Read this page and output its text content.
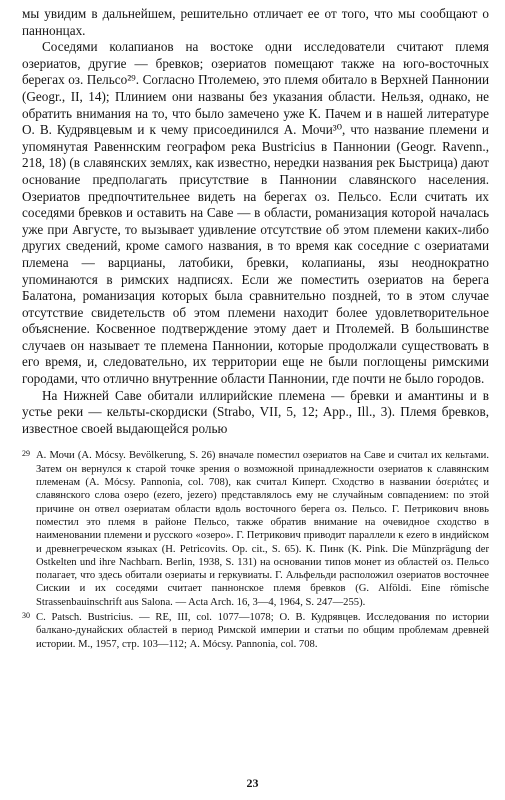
мы увидим в дальнейшем, решительно отличает ее от того, что мы сообщают о паннонцах.

Соседями колапианов на востоке одни исследователи считают племя озериатов, другие — бревков; озериатов помещают также на юго-восточных берегах оз. Пельсо²⁹. Согласно Птолемею, это племя обитало в Верхней Паннонии (Geogr., II, 14); Плинием они названы без указания области. Нельзя, однако, не обратить внимания на то, что было замечено уже К. Пачем и в нашей литературе О. В. Кудрявцевым и к чему присоединился А. Мочи³⁰, что название племени и упомянутая Равеннским географом река Bustricius в Паннонии (Geogr. Ravenn., 218, 18) (в славянских землях, как известно, нередки названия рек Быстрица) дают основание предполагать присутствие в Паннонии славянского населения. Озериатов предпочтительнее видеть на берегах оз. Пельсо. Если считать их соседями бревков и оставить на Саве — в области, романизация которой началась уже при Августе, то вызывает удивление отсутствие об этом племени каких-либо других сведений, кроме самого названия, в то время как соседние с озериатами племена — варцианы, латобики, бревки, колапианы, язы неоднократно упоминаются в римских надписях. Если же поместить озериатов на берега Балатона, романизация которых была сравнительно поздней, то в этом случае отсутствие свидетельств об этом племени находит более удовлетворительное объяснение. Косвенное подтверждение этому дает и Птолемей. В большинстве случаев он называет те племена Паннонии, которые продолжали существовать в его время, и, следовательно, их территории еще не были поглощены римскими городами, что отлично внутренние области Паннонии, где почти не было городов.

На Нижней Саве обитали иллирийские племена — бревки и амантины и в устье реки — кельты-скордиски (Strabo, VII, 5, 12; App., Ill., 3). Племя бревков, известное своей выдающейся ролью

29 А. Мочи (A. Mócsy. Bevölkerung, S. 26) вначале поместил озериатов на Саве и считал их кельтами. Затем он вернулся к старой точке зрения о возможной принадлежности озериатов к славянским племенам (A. Mócsy. Pannonia, col. 708), как считал Киперт. Сходство в названии όσεριάτες и славянского слова озеро (ezero, jezero) представлялось ему не случайным совпадением: по этой причине он отвел озериатам области вдоль восточного берега оз. Пельсо. Г. Петрикович вновь поместил это племя в районе Пельсо, также обратив внимание на очевидное сходство в наименовании племени и русского «озеро». Г. Петрикович приводит параллели к ezero в индийском и древнегреческом языках (H. Petricovits. Op. cit., S. 65). К. Пинк (K. Pink. Die Münzprägung der Ostkelten und ihre Nachbarn. Berlin, 1938, S. 131) на основании типов монет из областей оз. Пельсо полагает, что здесь обитали озериаты и геркувиаты. Г. Альфельди расположил озериатов восточнее Сискии и их соседями считает паннонское племя бревков (G. Alföldi. Eine römische Strassenbauinschrift aus Salona. — Acta Arch. 16, 3—4, 1964, S. 247—255).

30 C. Patsch. Bustricius. — RE, III, col. 1077—1078; О. В. Кудрявцев. Исследования по истории балкано-дунайских областей в период Римской империи и статьи по общим проблемам древней истории. М., 1957, стр. 103—112; A. Mócsy. Pannonia, col. 708.

23
